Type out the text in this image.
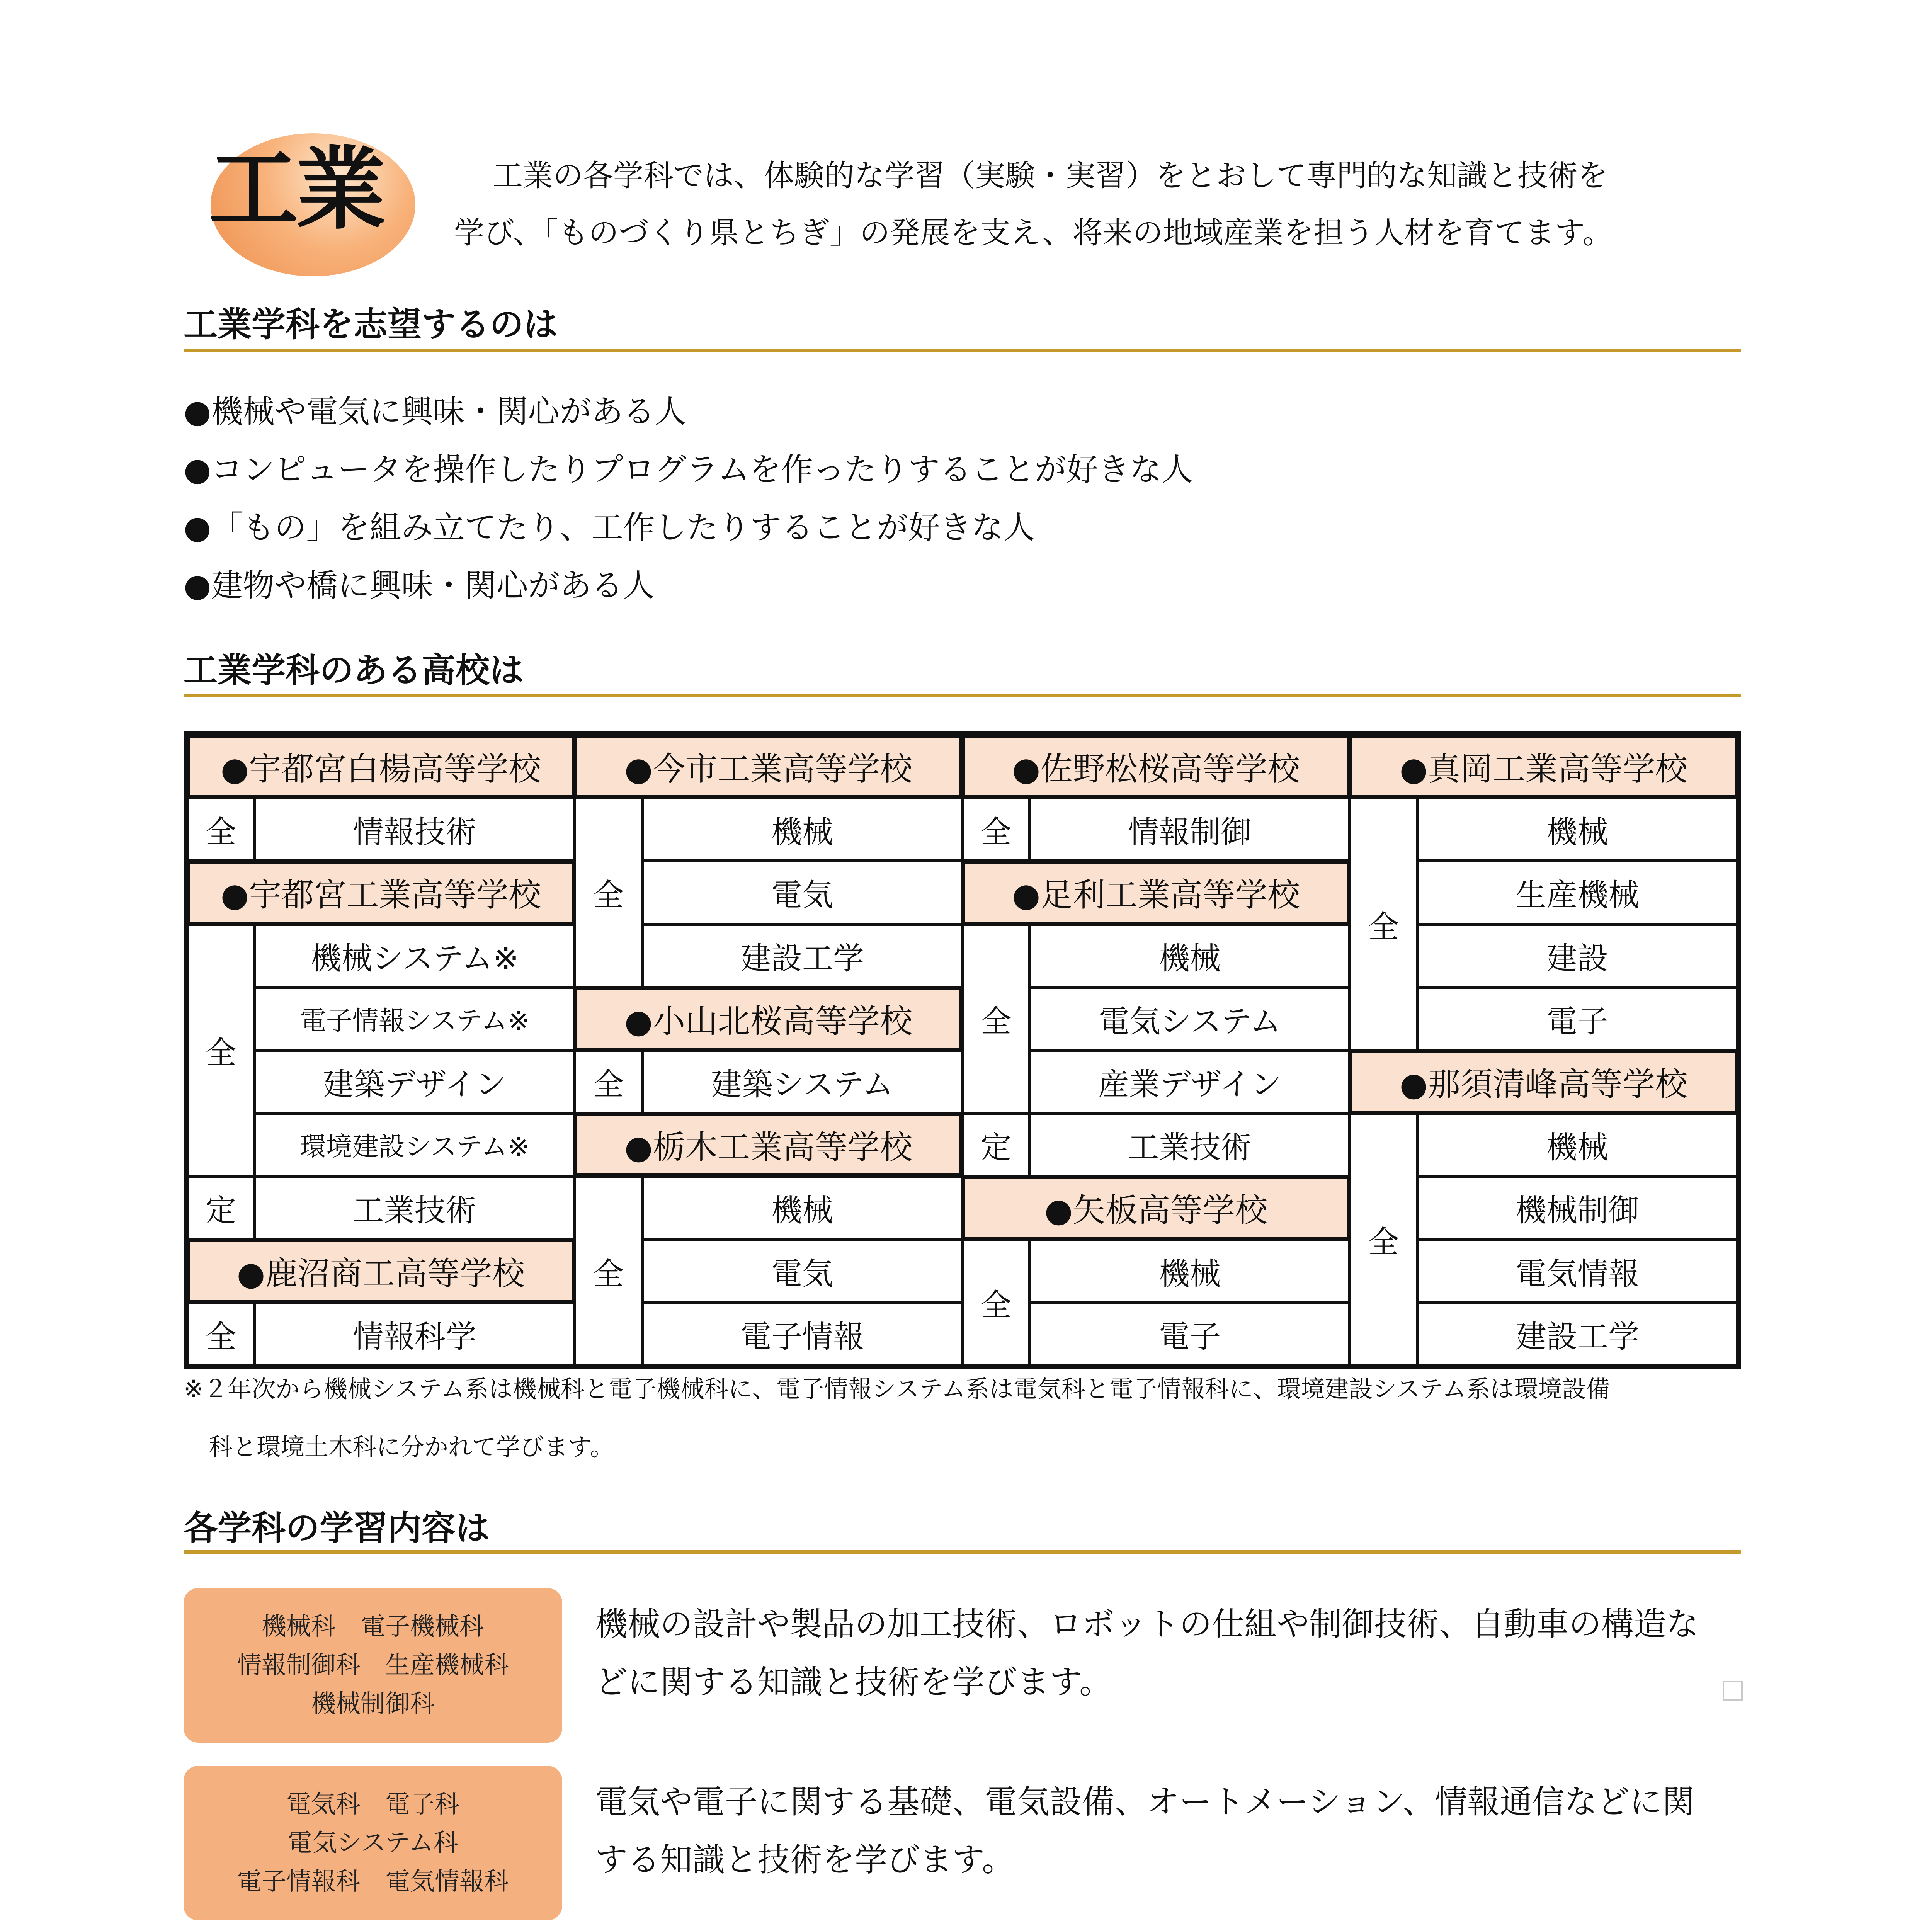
工業	工業の各学科では、体験的な学習（実験・実習）をとおして専門的な知識と技術を
学び、「ものづくり県とちぎ」の発展を支え、将来の地域産業を担う人材を育てます。
工業学科を志望するのは
●機械や電気に興味・関心がある人
●コンピュータを操作したりプログラムを作ったりすることが好きな人
●「もの」を組み立てたり、工作したりすることが好きな人
●建物や橋に興味・関心がある人
工業学科のある高校は
●宇都宮白楊高等学校
全	情報技術
●宇都宮工業高等学校
全
機械システム※
電子情報システム※
建築デザイン
環境建設システム※
定	工業技術
●鹿沼商工高等学校
全	情報科学
●今市工業高等学校
全
機械
電気
建設工学
●小山北桜高等学校
全	建築システム
●栃木工業高等学校
全
機械
電気
電子情報
●佐野松桜高等学校
全	情報制御
●足利工業高等学校
全
機械
電気システム
産業デザイン
定	工業技術
●矢板高等学校
全
機械
電子
●真岡工業高等学校
全
機械
生産機械
建設
電子
●那須清峰高等学校
全
機械
機械制御
電気情報
建設工学
※２年次から機械システム系は機械科と電子機械科に、電子情報システム系は電気科と電子情報科に、環境建設システム系は環境設備
科と環境土木科に分かれて学びます。
各学科の学習内容は
機械科　電子機械科
情報制御科　生産機械科
機械制御科
機械の設計や製品の加工技術、ロボットの仕組や制御技術、自動車の構造な
どに関する知識と技術を学びます。
電気科　電子科
電気システム科
電子情報科　電気情報科
電気や電子に関する基礎、電気設備、オートメーション、情報通信などに関
する知識と技術を学びます。
